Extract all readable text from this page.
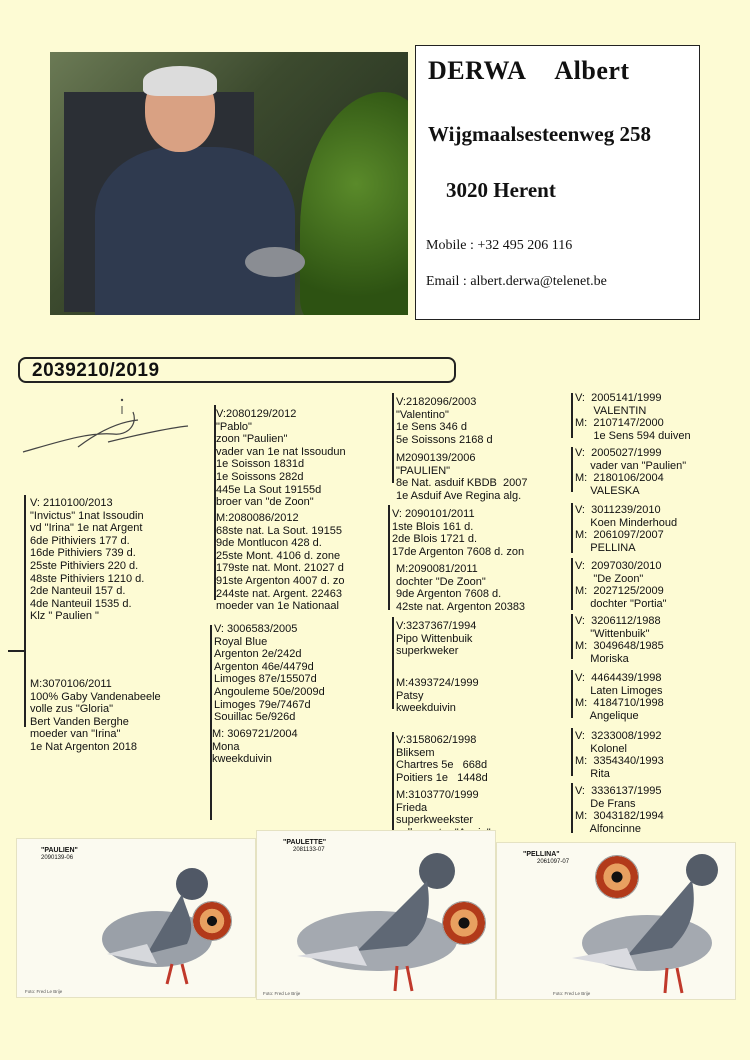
DERWA Albert
Wijgmaalsesteenweg 258
3020 Herent
Mobile : +32 495 206 116
Email : albert.derwa@telenet.be
2039210/2019
V: 2110100/2013
"Invictus" 1nat Issoudin
vd "Irina" 1e nat Argent
6de Pithiviers 177 d.
16de Pithiviers 739 d.
25ste Pithiviers 220 d.
48ste Pithiviers 1210 d.
2de Nanteuil 157 d.
4de Nanteuil 1535 d.
Klz " Paulien "
M:3070106/2011
100% Gaby Vandenabeele
volle zus "Gloria"
Bert Vanden Berghe
moeder van "Irina"
1e Nat Argenton 2018
V:2080129/2012
"Pablo"
zoon "Paulien"
vader van 1e nat Issoudun
1e Soisson 1831d
1e Soissons 282d
445e La Sout 19155d
broer van "de Zoon"
M:2080086/2012
68ste nat. La Sout. 19155
9de Montlucon 428 d.
25ste Mont. 4106 d. zone
179ste nat. Mont. 21027 d
91ste Argenton 4007 d. zo
244ste nat. Argent. 22463
moeder van 1e Nationaal
V: 3006583/2005
Royal Blue
Argenton 2e/242d
Argenton 46e/4479d
Limoges 87e/15507d
Angouleme 50e/2009d
Limoges 79e/7467d
Souillac 5e/926d
M: 3069721/2004
Mona
kweekduivin
V:2182096/2003
"Valentino"
1e Sens 346 d
5e Soissons 2168 d
M2090139/2006
"PAULIEN"
8e Nat. asduif KBDB  2007
1e Asduif Ave Regina alg.
V: 2090101/2011
1ste Blois 161 d.
2de Blois 1721 d.
17de Argenton 7608 d. zon
M:2090081/2011
dochter "De Zoon"
9de Argenton 7608 d.
42ste nat. Argenton 20383
V:3237367/1994
Pipo Wittenbuik
superkweker
M:4393724/1999
Patsy
kweekduivin
V:3158062/1998
Bliksem
Chartres 5e   668d
Poitiers 1e   1448d
M:3103770/1999
Frieda
superkweekster
V:  2005141/1999
VALENTIN
M:  2107147/2000
1e Sens 594 duiven
V:  2005027/1999
vader van "Paulien"
M:  2180106/2004
VALESKA
V:  3011239/2010
Koen Minderhoud
M:  2061097/2007
PELLINA
V:  2097030/2010
"De Zoon"
M:  2027125/2009
dochter "Portia"
V:  3206112/1988
"Wittenbuik"
M:  3049648/1985
Moriska
V:  4464439/1998
Laten Limoges
M:  4184710/1998
Angelique
V:  3233008/1992
Kolonel
M:  3354340/1993
Rita
V:  3336137/1995
De Frans
M:  3043182/1994
Alfoncinne
"PAULIEN"
2090139-06
Foto: Fred Le Brije
"PAULETTE"
2081133-07
Foto: Fred Le Brije
"PELLINA"
2061097-07
Foto: Fred Le Brije
